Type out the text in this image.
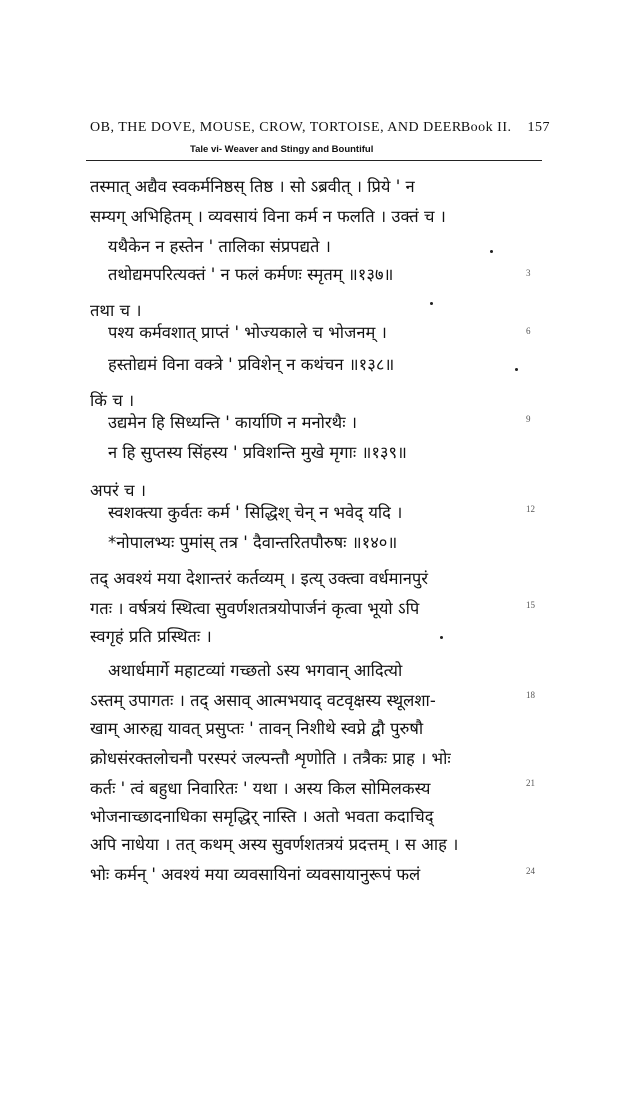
OB, THE DOVE, MOUSE, CROW, TORTOISE, AND DEER.
Book II. 157
Tale vi- Weaver and Stingy and Bountiful
तस्मात् अद्यैव स्वकर्मनिष्ठस् तिष्ठ । सो ऽब्रवीत् । प्रिये ' न
सम्यग् अभिहितम् । व्यवसायं विना कर्म न फलति । उक्तं च ।
यथैकेन न हस्तेन ' तालिका संप्रपद्यते ।
तथोद्यमपरित्यक्तं ' न फलं कर्मणः स्मृतम् ॥१३७॥
तथा च ।
पश्य कर्मवशात् प्राप्तं ' भोज्यकाले च भोजनम् ।
हस्तोद्यमं विना वक्त्रे ' प्रविशेन् न कथंचन ॥१३८॥
किं च ।
उद्यमेन हि सिध्यन्ति ' कार्याणि न मनोरथैः ।
न हि सुप्तस्य सिंहस्य ' प्रविशन्ति मुखे मृगाः ॥१३९॥
अपरं च ।
स्वशक्त्या कुर्वतः कर्म ' सिद्धिश् चेन् न भवेद् यदि ।
*नोपालभ्यः पुमांस् तत्र ' दैवान्तरितपौरुषः ॥१४०॥
तद् अवश्यं मया देशान्तरं कर्तव्यम् । इत्य् उक्त्वा वर्धमानपुरं
गतः । वर्षत्रयं स्थित्वा सुवर्णशतत्रयोपार्जनं कृत्वा भूयो ऽपि
स्वगृहं प्रति प्रस्थितः ।
अथार्धमार्गे महाटव्यां गच्छतो ऽस्य भगवान् आदित्यो
ऽस्तम् उपागतः । तद् असाव् आत्मभयाद् वटवृक्षस्य स्थूलशा-
खाम् आरुह्य यावत् प्रसुप्तः ' तावन् निशीथे स्वप्ने द्वौ पुरुषौ
क्रोधसंरक्तलोचनौ परस्परं जल्पन्तौ शृणोति । तत्रैकः प्राह । भोः
कर्तः ' त्वं बहुधा निवारितः ' यथा । अस्य किल सोमिलकस्य
भोजनाच्छादनाधिका समृद्धिर् नास्ति । अतो भवता कदाचिद्
अपि नाधेया । तत् कथम् अस्य सुवर्णशतत्रयं प्रदत्तम् । स आह ।
भोः कर्मन् ' अवश्यं मया व्यवसायिनां व्यवसायानुरूपं फलं
3
6
9
12
15
18
21
24
